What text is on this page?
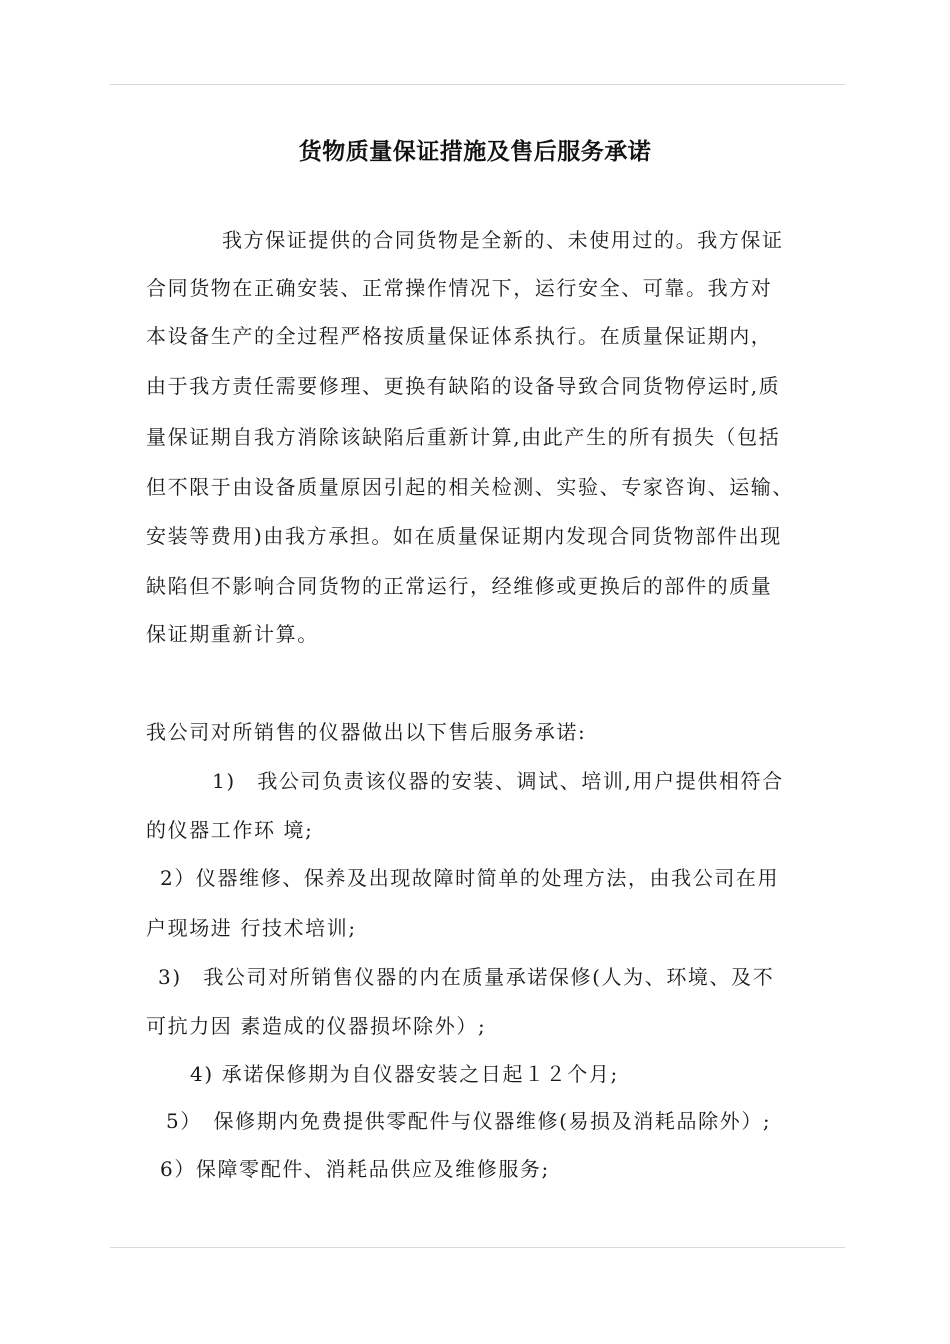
货物质量保证措施及售后服务承诺
我方保证提供的合同货物是全新的、未使用过的。我方保证
合同货物在正确安装、正常操作情况下，运行安全、可靠。我方对
本设备生产的全过程严格按质量保证体系执行。在质量保证期内，
由于我方责任需要修理、更换有缺陷的设备导致合同货物停运时,质
量保证期自我方消除该缺陷后重新计算,由此产生的所有损失（包括
但不限于由设备质量原因引起的相关检测、实验、专家咨询、运输、
安装等费用)由我方承担。如在质量保证期内发现合同货物部件出现
缺陷但不影响合同货物的正常运行，经维修或更换后的部件的质量
保证期重新计算。
我公司对所销售的仪器做出以下售后服务承诺:
1)　我公司负责该仪器的安装、调试、培训,用户提供相符合
的仪器工作环 境;
2）仪器维修、保养及出现故障时简单的处理方法，由我公司在用
户现场进 行技术培训;
3)　我公司对所销售仪器的内在质量承诺保修(人为、环境、及不
可抗力因 素造成的仪器损坏除外）;
4) 承诺保修期为自仪器安装之日起１２个月;
5）　保修期内免费提供零配件与仪器维修(易损及消耗品除外）;
6）保障零配件、消耗品供应及维修服务;
